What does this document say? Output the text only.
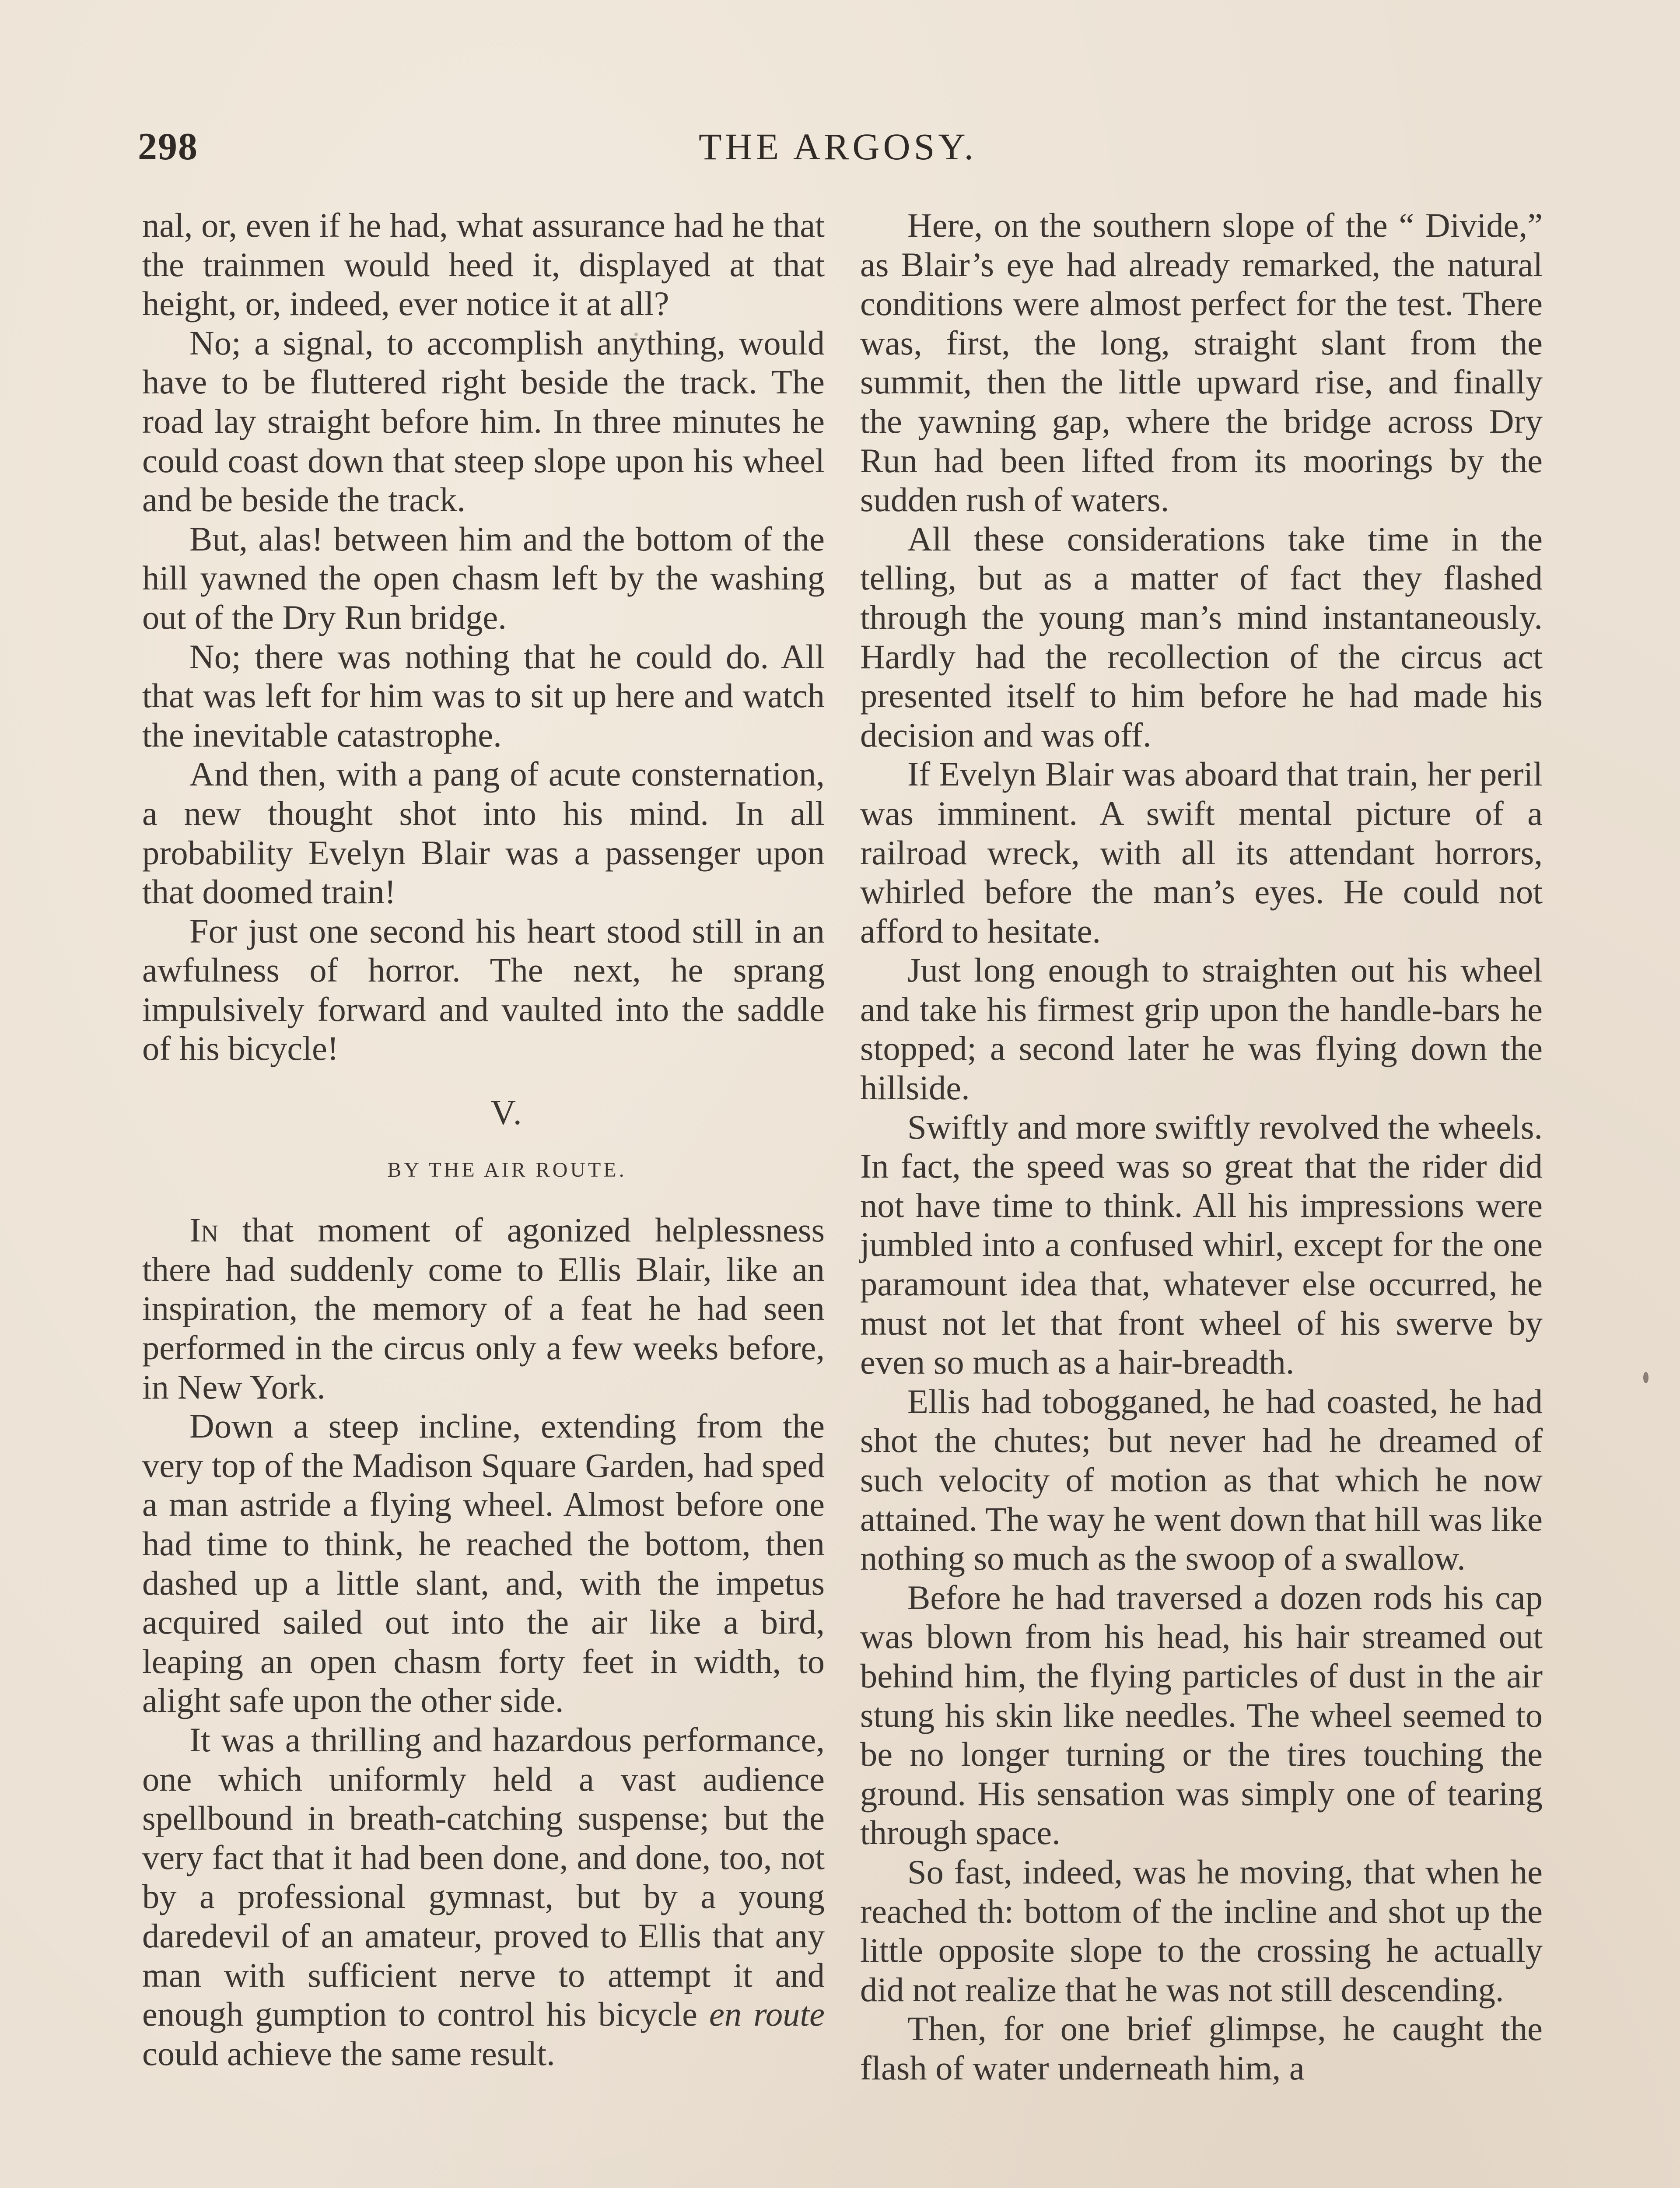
298	THE ARGOSY.

nal, or, even if he had, what assurance had he that the trainmen would heed it, displayed at that height, or, indeed, ever notice it at all?

No; a signal, to accomplish anything, would have to be fluttered right beside the track. The road lay straight before him. In three minutes he could coast down that steep slope upon his wheel and be beside the track.

But, alas! between him and the bottom of the hill yawned the open chasm left by the washing out of the Dry Run bridge.

No; there was nothing that he could do. All that was left for him was to sit up here and watch the inevitable catastrophe.

And then, with a pang of acute consternation, a new thought shot into his mind. In all probability Evelyn Blair was a passenger upon that doomed train!

For just one second his heart stood still in an awfulness of horror. The next, he sprang impulsively forward and vaulted into the saddle of his bicycle!

V.

BY THE AIR ROUTE.

In that moment of agonized helplessness there had suddenly come to Ellis Blair, like an inspiration, the memory of a feat he had seen performed in the circus only a few weeks before, in New York.

Down a steep incline, extending from the very top of the Madison Square Garden, had sped a man astride a flying wheel. Almost before one had time to think, he reached the bottom, then dashed up a little slant, and, with the impetus acquired sailed out into the air like a bird, leaping an open chasm forty feet in width, to alight safe upon the other side.

It was a thrilling and hazardous performance, one which uniformly held a vast audience spellbound in breath-catching suspense; but the very fact that it had been done, and done, too, not by a professional gymnast, but by a young daredevil of an amateur, proved to Ellis that any man with sufficient nerve to attempt it and enough gumption to control his bicycle en route could achieve the same result.

Here, on the southern slope of the “ Divide,” as Blair’s eye had already remarked, the natural conditions were almost perfect for the test. There was, first, the long, straight slant from the summit, then the little upward rise, and finally the yawning gap, where the bridge across Dry Run had been lifted from its moorings by the sudden rush of waters.

All these considerations take time in the telling, but as a matter of fact they flashed through the young man’s mind instantaneously. Hardly had the recollection of the circus act presented itself to him before he had made his decision and was off.

If Evelyn Blair was aboard that train, her peril was imminent. A swift mental picture of a railroad wreck, with all its attendant horrors, whirled before the man’s eyes. He could not afford to hesitate.

Just long enough to straighten out his wheel and take his firmest grip upon the handle-bars he stopped; a second later he was flying down the hillside.

Swiftly and more swiftly revolved the wheels. In fact, the speed was so great that the rider did not have time to think. All his impressions were jumbled into a confused whirl, except for the one paramount idea that, whatever else occurred, he must not let that front wheel of his swerve by even so much as a hair-breadth.

Ellis had tobogganed, he had coasted, he had shot the chutes; but never had he dreamed of such velocity of motion as that which he now attained. The way he went down that hill was like nothing so much as the swoop of a swallow.

Before he had traversed a dozen rods his cap was blown from his head, his hair streamed out behind him, the flying particles of dust in the air stung his skin like needles. The wheel seemed to be no longer turning or the tires touching the ground. His sensation was simply one of tearing through space.

So fast, indeed, was he moving, that when he reached th: bottom of the incline and shot up the little opposite slope to the crossing he actually did not realize that he was not still descending.

Then, for one brief glimpse, he caught the flash of water underneath him, a
